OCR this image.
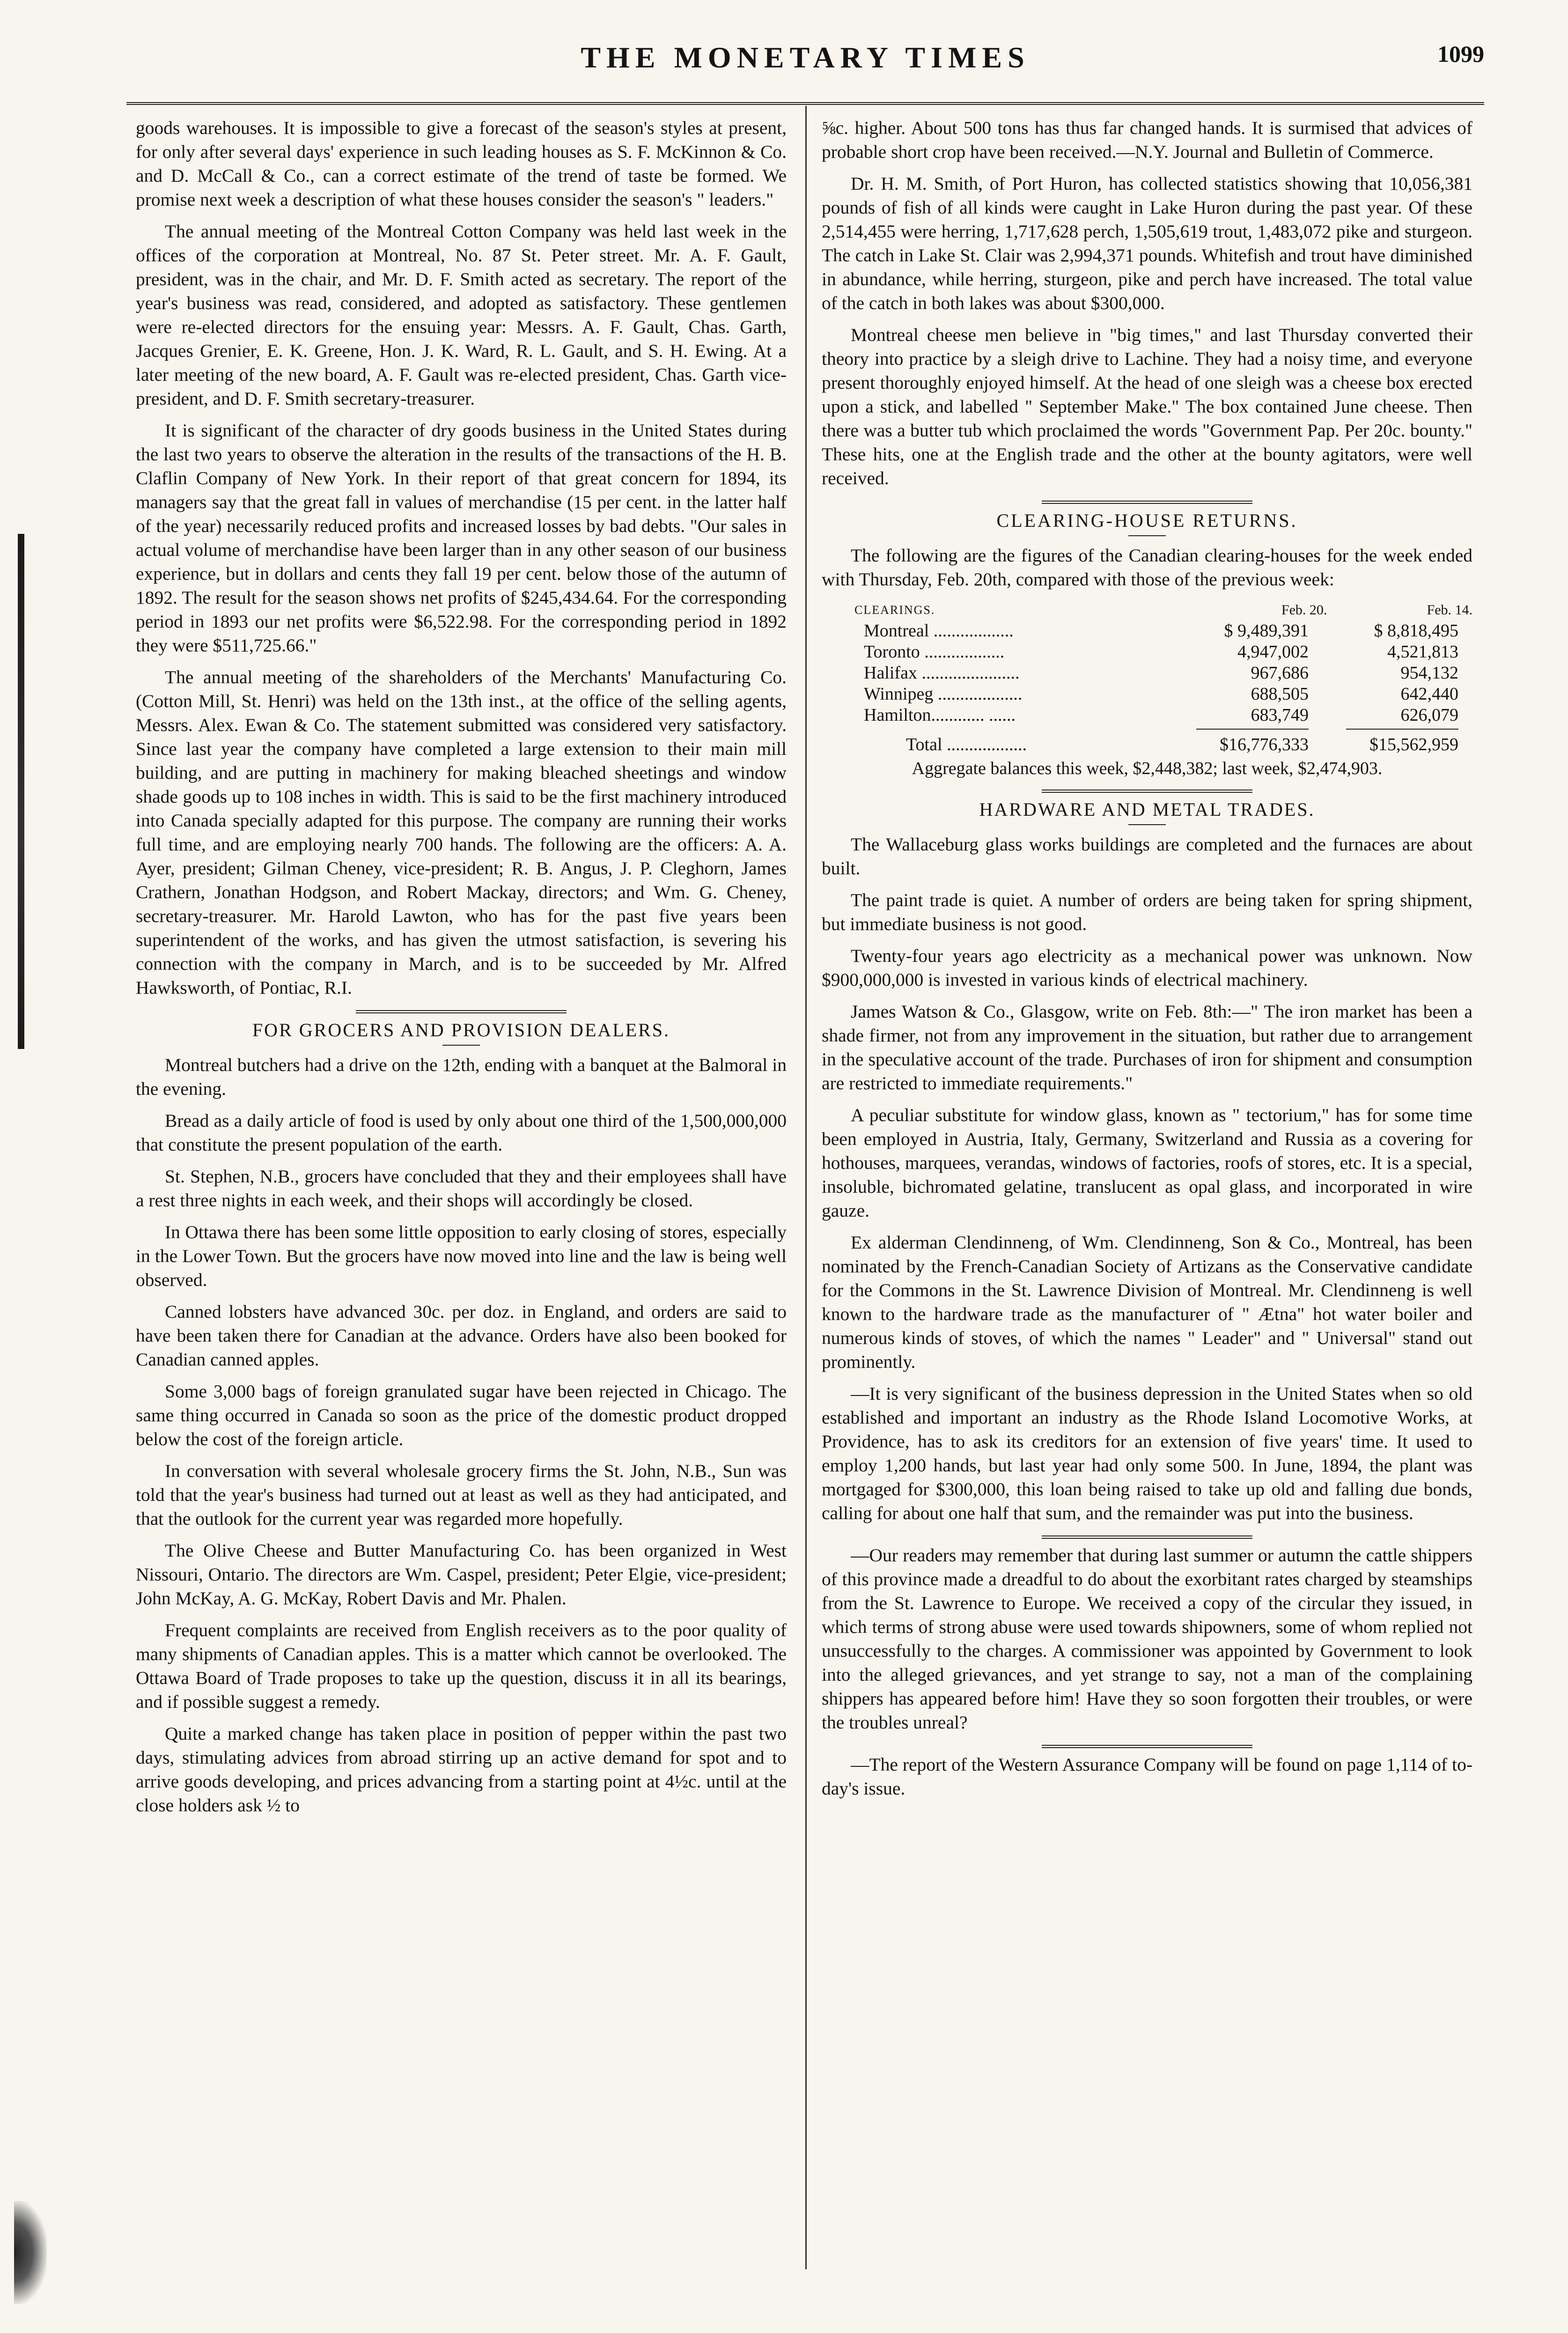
THE MONETARY TIMES	1099

goods warehouses. It is impossible to give a forecast of the season's styles at present, for only after several days' experience in such leading houses as S. F. McKinnon & Co. and D. McCall & Co., can a correct estimate of the trend of taste be formed. We promise next week a description of what these houses consider the season's " leaders."

The annual meeting of the Montreal Cotton Company was held last week in the offices of the corporation at Montreal, No. 87 St. Peter street. Mr. A. F. Gault, president, was in the chair, and Mr. D. F. Smith acted as secretary. The report of the year's business was read, considered, and adopted as satisfactory. These gentlemen were re-elected directors for the ensuing year: Messrs. A. F. Gault, Chas. Garth, Jacques Grenier, E. K. Greene, Hon. J. K. Ward, R. L. Gault, and S. H. Ewing. At a later meeting of the new board, A. F. Gault was re-elected president, Chas. Garth vice-president, and D. F. Smith secretary-treasurer.

It is significant of the character of dry goods business in the United States during the last two years to observe the alteration in the results of the transactions of the H. B. Claflin Company of New York. In their report of that great concern for 1894, its managers say that the great fall in values of merchandise (15 per cent. in the latter half of the year) necessarily reduced profits and increased losses by bad debts. "Our sales in actual volume of merchandise have been larger than in any other season of our business experience, but in dollars and cents they fall 19 per cent. below those of the autumn of 1892. The result for the season shows net profits of $245,434.64. For the corresponding period in 1893 our net profits were $6,522.98. For the corresponding period in 1892 they were $511,725.66."

The annual meeting of the shareholders of the Merchants' Manufacturing Co. (Cotton Mill, St. Henri) was held on the 13th inst., at the office of the selling agents, Messrs. Alex. Ewan & Co. The statement submitted was considered very satisfactory. Since last year the company have completed a large extension to their main mill building, and are putting in machinery for making bleached sheetings and window shade goods up to 108 inches in width. This is said to be the first machinery introduced into Canada specially adapted for this purpose. The company are running their works full time, and are employing nearly 700 hands. The following are the officers: A. A. Ayer, president; Gilman Cheney, vice-president; R. B. Angus, J. P. Cleghorn, James Crathern, Jonathan Hodgson, and Robert Mackay, directors; and Wm. G. Cheney, secretary-treasurer. Mr. Harold Lawton, who has for the past five years been superintendent of the works, and has given the utmost satisfaction, is severing his connection with the company in March, and is to be succeeded by Mr. Alfred Hawksworth, of Pontiac, R.I.

FOR GROCERS AND PROVISION DEALERS.

Montreal butchers had a drive on the 12th, ending with a banquet at the Balmoral in the evening.

Bread as a daily article of food is used by only about one third of the 1,500,000,000 that constitute the present population of the earth.

St. Stephen, N.B., grocers have concluded that they and their employees shall have a rest three nights in each week, and their shops will accordingly be closed.

In Ottawa there has been some little opposition to early closing of stores, especially in the Lower Town. But the grocers have now moved into line and the law is being well observed.

Canned lobsters have advanced 30c. per doz. in England, and orders are said to have been taken there for Canadian at the advance. Orders have also been booked for Canadian canned apples.

Some 3,000 bags of foreign granulated sugar have been rejected in Chicago. The same thing occurred in Canada so soon as the price of the domestic product dropped below the cost of the foreign article.

In conversation with several wholesale grocery firms the St. John, N.B., Sun was told that the year's business had turned out at least as well as they had anticipated, and that the outlook for the current year was regarded more hopefully.

The Olive Cheese and Butter Manufacturing Co. has been organized in West Nissouri, Ontario. The directors are Wm. Caspel, president; Peter Elgie, vice-president; John McKay, A. G. McKay, Robert Davis and Mr. Phalen.

Frequent complaints are received from English receivers as to the poor quality of many shipments of Canadian apples. This is a matter which cannot be overlooked. The Ottawa Board of Trade proposes to take up the question, discuss it in all its bearings, and if possible suggest a remedy.

Quite a marked change has taken place in position of pepper within the past two days, stimulating advices from abroad stirring up an active demand for spot and to arrive goods developing, and prices advancing from a starting point at 4½c. until at the close holders ask ½ to

⅝c. higher. About 500 tons has thus far changed hands. It is surmised that advices of probable short crop have been received.—N.Y. Journal and Bulletin of Commerce.

Dr. H. M. Smith, of Port Huron, has collected statistics showing that 10,056,381 pounds of fish of all kinds were caught in Lake Huron during the past year. Of these 2,514,455 were herring, 1,717,628 perch, 1,505,619 trout, 1,483,072 pike and sturgeon. The catch in Lake St. Clair was 2,994,371 pounds. Whitefish and trout have diminished in abundance, while herring, sturgeon, pike and perch have increased. The total value of the catch in both lakes was about $300,000.

Montreal cheese men believe in "big times," and last Thursday converted their theory into practice by a sleigh drive to Lachine. They had a noisy time, and everyone present thoroughly enjoyed himself. At the head of one sleigh was a cheese box erected upon a stick, and labelled " September Make." The box contained June cheese. Then there was a butter tub which proclaimed the words "Government Pap. Per 20c. bounty." These hits, one at the English trade and the other at the bounty agitators, were well received.

CLEARING-HOUSE RETURNS.

The following are the figures of the Canadian clearing-houses for the week ended with Thursday, Feb. 20th, compared with those of the previous week:

CLEARINGS.	Feb. 20.	Feb. 14.
Montreal ..................	$ 9,489,391	$ 8,818,495
Toronto ..................	4,947,002	4,521,813
Halifax ......................	967,686	954,132
Winnipeg ...................	688,505	642,440
Hamilton............ ......	683,749	626,079
Total ..................	$16,776,333	$15,562,959
Aggregate balances this week, $2,448,382; last week, $2,474,903.
HARDWARE AND METAL TRADES.

The Wallaceburg glass works buildings are completed and the furnaces are about built.

The paint trade is quiet. A number of orders are being taken for spring shipment, but immediate business is not good.

Twenty-four years ago electricity as a mechanical power was unknown. Now $900,000,000 is invested in various kinds of electrical machinery.

James Watson & Co., Glasgow, write on Feb. 8th:—" The iron market has been a shade firmer, not from any improvement in the situation, but rather due to arrangement in the speculative account of the trade. Purchases of iron for shipment and consumption are restricted to immediate requirements."

A peculiar substitute for window glass, known as " tectorium," has for some time been employed in Austria, Italy, Germany, Switzerland and Russia as a covering for hothouses, marquees, verandas, windows of factories, roofs of stores, etc. It is a special, insoluble, bichromated gelatine, translucent as opal glass, and incorporated in wire gauze.

Ex alderman Clendinneng, of Wm. Clendinneng, Son & Co., Montreal, has been nominated by the French-Canadian Society of Artizans as the Conservative candidate for the Commons in the St. Lawrence Division of Montreal. Mr. Clendinneng is well known to the hardware trade as the manufacturer of " Ætna" hot water boiler and numerous kinds of stoves, of which the names " Leader" and " Universal" stand out prominently.

—It is very significant of the business depression in the United States when so old established and important an industry as the Rhode Island Locomotive Works, at Providence, has to ask its creditors for an extension of five years' time. It used to employ 1,200 hands, but last year had only some 500. In June, 1894, the plant was mortgaged for $300,000, this loan being raised to take up old and falling due bonds, calling for about one half that sum, and the remainder was put into the business.

—Our readers may remember that during last summer or autumn the cattle shippers of this province made a dreadful to do about the exorbitant rates charged by steamships from the St. Lawrence to Europe. We received a copy of the circular they issued, in which terms of strong abuse were used towards shipowners, some of whom replied not unsuccessfully to the charges. A commissioner was appointed by Government to look into the alleged grievances, and yet strange to say, not a man of the complaining shippers has appeared before him! Have they so soon forgotten their troubles, or were the troubles unreal?

—The report of the Western Assurance Company will be found on page 1,114 of to-day's issue.
